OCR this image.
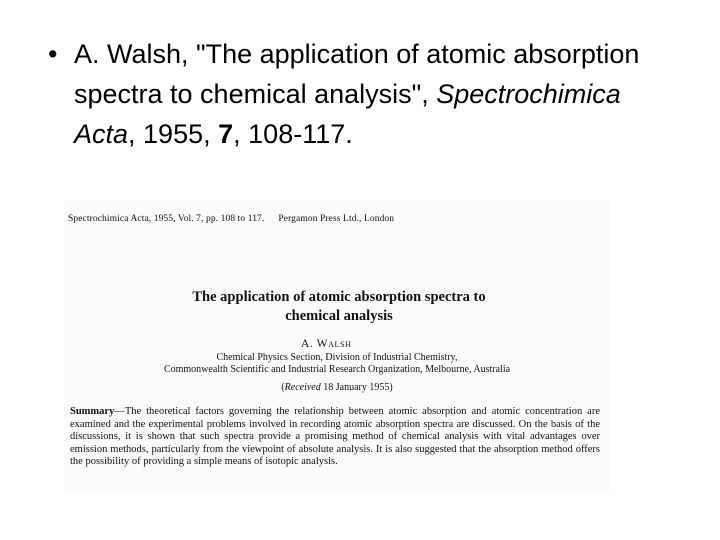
• A. Walsh, "The application of atomic absorption spectra to chemical analysis", Spectrochimica Acta, 1955, 7, 108-117.
Spectrochimica Acta, 1955, Vol. 7, pp. 108 to 117. Pergamon Press Ltd., London
The application of atomic absorption spectra to
chemical analysis
A. Walsh
Chemical Physics Section, Division of Industrial Chemistry,
Commonwealth Scientific and Industrial Research Organization, Melbourne, Australia
(Received 18 January 1955)
Summary—The theoretical factors governing the relationship between atomic absorption and atomic concentration are examined and the experimental problems involved in recording atomic absorption spectra are discussed. On the basis of the discussions, it is shown that such spectra provide a promising method of chemical analysis with vital advantages over emission methods, particularly from the viewpoint of absolute analysis. It is also suggested that the absorption method offers the possibility of providing a simple means of isotopic analysis.
